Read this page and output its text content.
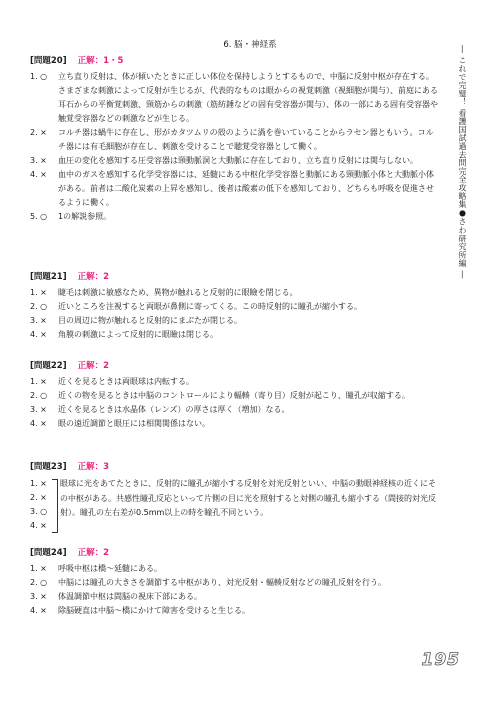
6. 脳・神経系	― これで完璧！ 看護国試過去問完全攻略集●さわ研究所編 ―
[問題20] 正解：1・5
1. ○ 立ち直り反射は、体が傾いたときに正しい体位を保持しようとするもので、中脳に反射中枢が存在する。さまざまな刺激によって反射が生じるが、代表的なものは眼からの視覚刺激（視細胞が関与）、前庭にある耳石からの平衡覚刺激、頸筋からの刺激（筋紡錘などの固有受容器が関与）、体の一部にある固有受容器や触覚受容器などの刺激などが生じる。
2. × コルチ器は蝸牛に存在し、形がカタツムリの殻のように渦を巻いていることからラセン器ともいう。コルチ器には有毛細胞が存在し、刺激を受けることで聴覚受容器として働く。
3. × 血圧の変化を感知する圧受容器は頸動脈洞と大動脈に存在しており、立ち直り反射には関与しない。
4. × 血中のガスを感知する化学受容器には、延髄にある中枢化学受容器と動脈にある頸動脈小体と大動脈小体がある。前者は二酸化炭素の上昇を感知し、後者は酸素の低下を感知しており、どちらも呼吸を促進させるように働く。
5. ○ 1の解説参照。
[問題21] 正解：2
1. × 睫毛は刺激に敏感なため、異物が触れると反射的に眼瞼を閉じる。
2. ○ 近いところを注視すると両眼が鼻側に寄ってくる。この時反射的に瞳孔が縮小する。
3. × 目の周辺に物が触れると反射的にまぶたが閉じる。
4. × 角膜の刺激によって反射的に眼瞼は閉じる。
[問題22] 正解：2
1. × 近くを見るときは両眼球は内転する。
2. ○ 近くの物を見るときは中脳のコントロールにより輻輳（寄り目）反射が起こり、瞳孔が収縮する。
3. × 近くを見るときは水晶体（レンズ）の厚さは厚く（増加）なる。
4. × 眼の遠近調節と眼圧には相関関係はない。
[問題23] 正解：3
1. ×
2. ×
3. ○
4. ×
眼球に光をあてたときに、反射的に瞳孔が縮小する反射を対光反射といい、中脳の動眼神経核の近くにその中枢がある。共感性瞳孔反応といって片側の目に光を照射すると対側の瞳孔も縮小する（間接的対光反射）。瞳孔の左右差が0.5mm以上の時を瞳孔不同という。
[問題24] 正解：2
1. × 呼吸中枢は橋～延髄にある。
2. ○ 中脳には瞳孔の大きさを調節する中枢があり、対光反射・輻輳反射などの瞳孔反射を行う。
3. × 体温調節中枢は間脳の視床下部にある。
4. × 除脳硬直は中脳～橋にかけて障害を受けると生じる。
195
